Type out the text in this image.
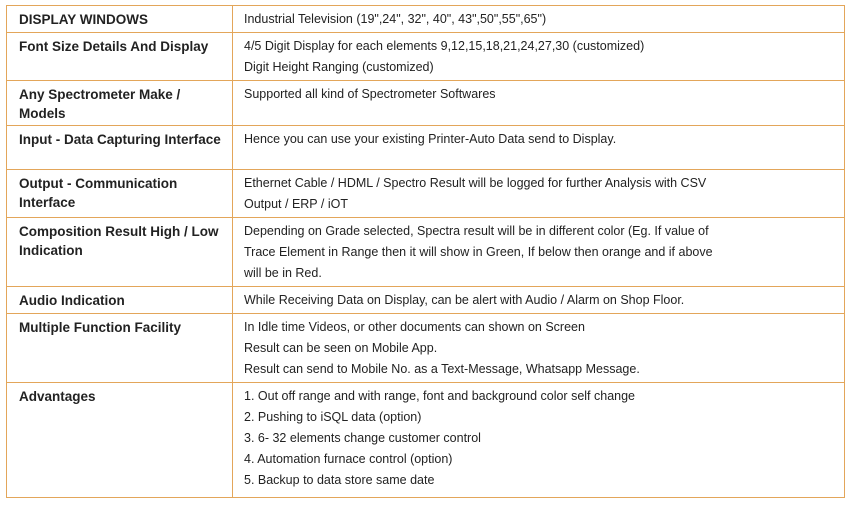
DISPLAY WINDOWS	Industrial Television (19",24", 32", 40", 43",50",55",65")

Font Size Details And Display	4/5 Digit Display for each elements 9,12,15,18,21,24,27,30 (customized)
Digit Height Ranging (customized)

Any Spectrometer Make / Models	Supported all kind of Spectrometer Softwares

Input - Data Capturing Interface	Hence you can use your existing Printer-Auto Data send to Display.

Output - Communication Interface	Ethernet Cable / HDML / Spectro Result will be logged for further Analysis with CSV
Output / ERP / iOT

Composition Result High / Low Indication	Depending on Grade selected, Spectra result will be in different color (Eg. If value of
Trace Element in Range then it will show in Green, If below then orange and if above
will be in Red.

Audio Indication	While Receiving Data on Display, can be alert with Audio / Alarm on Shop Floor.

Multiple Function Facility	In Idle time Videos, or other documents can shown on Screen
Result can be seen on Mobile App.
Result can send to Mobile No. as a Text-Message, Whatsapp Message.

Advantages	1. Out off range and with range, font and background color self change
2. Pushing to iSQL data (option)
3. 6- 32 elements change customer control
4. Automation furnace control (option)
5. Backup to data store same date
